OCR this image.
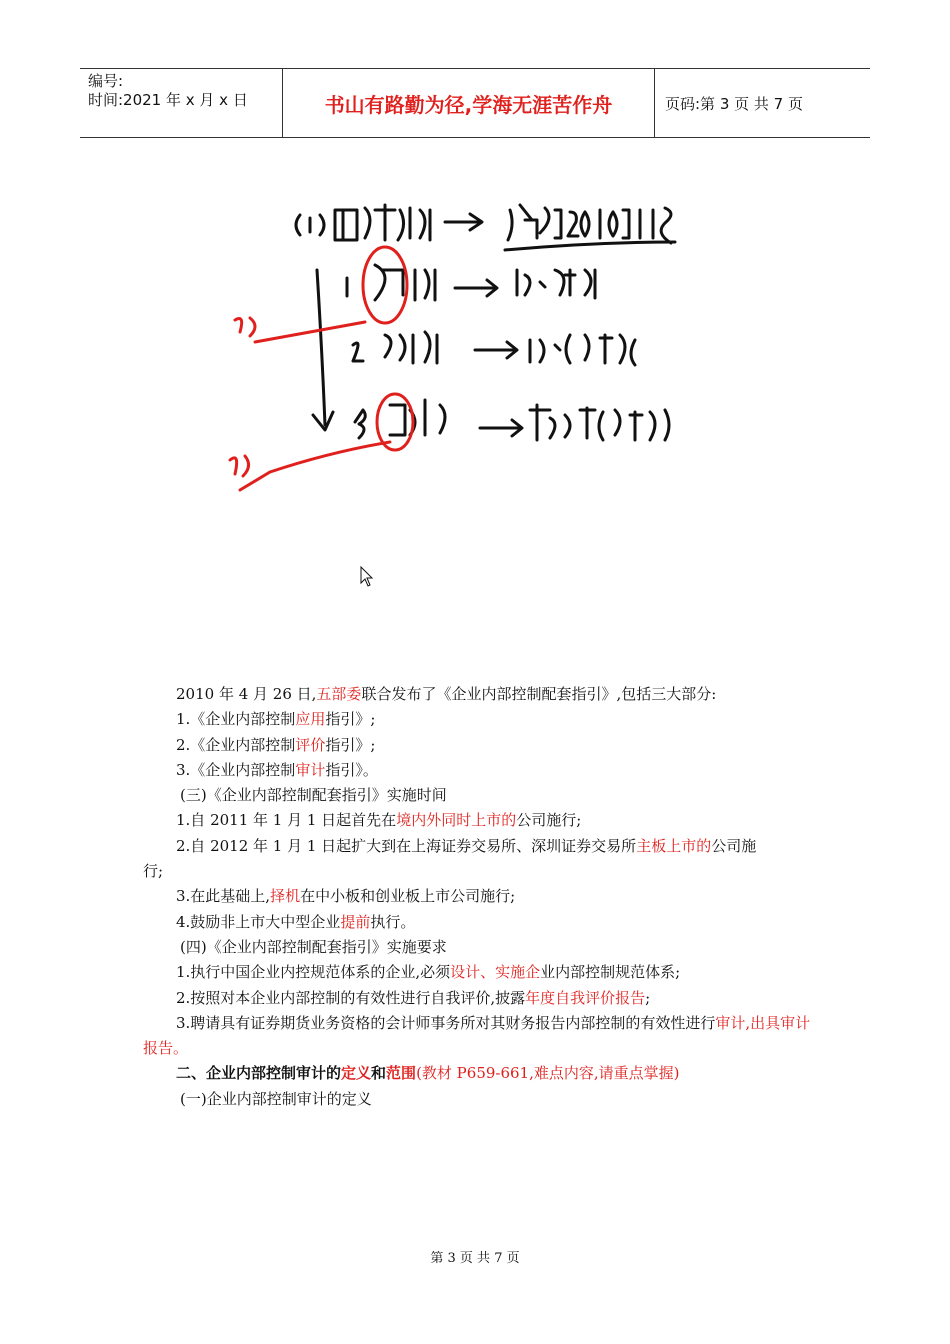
编号:
时间:2021 年 x 月 x 日	书山有路勤为径,学海无涯苦作舟	页码:第 3 页 共 7 页
2010 年 4 月 26 日,五部委联合发布了《企业内部控制配套指引》,包括三大部分:
1.《企业内部控制应用指引》;
2.《企业内部控制评价指引》;
3.《企业内部控制审计指引》。
(三)《企业内部控制配套指引》实施时间
1.自 2011 年 1 月 1 日起首先在境内外同时上市的公司施行;
2.自 2012 年 1 月 1 日起扩大到在上海证券交易所、深圳证券交易所主板上市的公司施
行;
3.在此基础上,择机在中小板和创业板上市公司施行;
4.鼓励非上市大中型企业提前执行。
(四)《企业内部控制配套指引》实施要求
1.执行中国企业内控规范体系的企业,必须设计、实施企业内部控制规范体系;
2.按照对本企业内部控制的有效性进行自我评价,披露年度自我评价报告;
3.聘请具有证券期货业务资格的会计师事务所对其财务报告内部控制的有效性进行审计,出具审计报告。
二、企业内部控制审计的定义和范围(教材 P659-661,难点内容,请重点掌握)
(一)企业内部控制审计的定义
第 3 页 共 7 页
